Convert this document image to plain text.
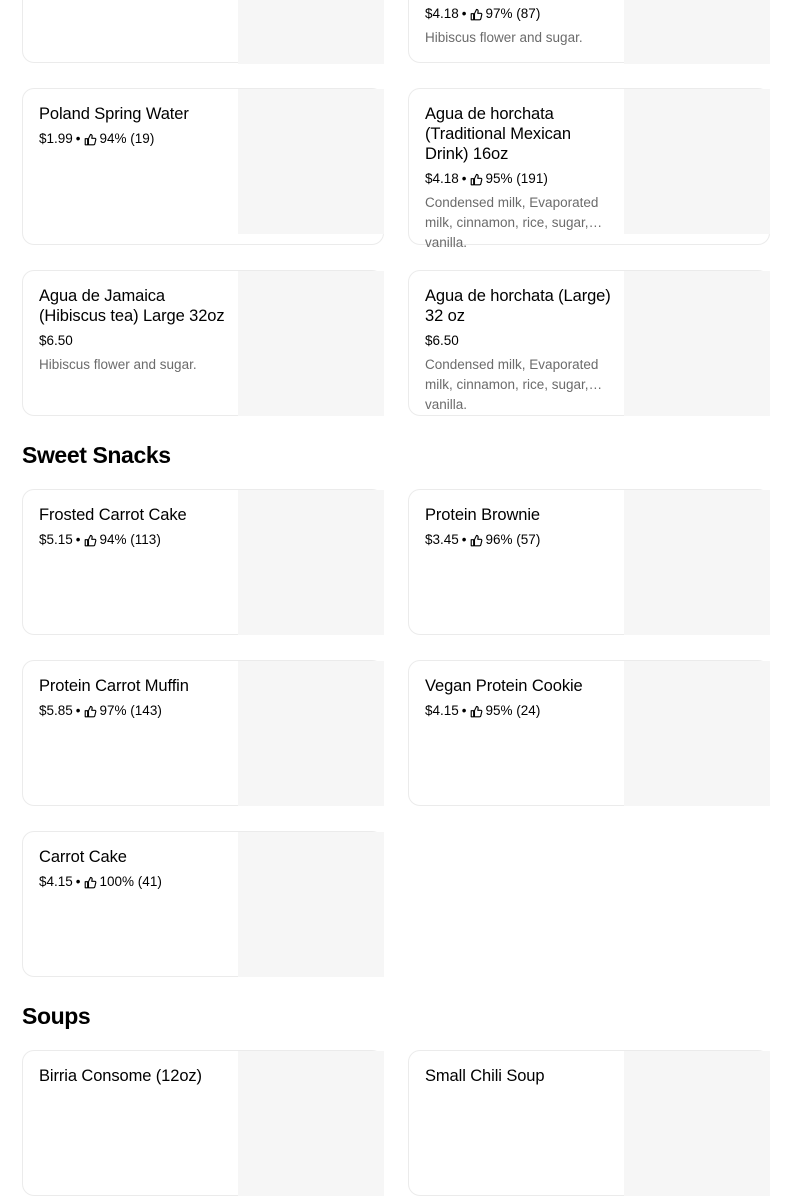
$4.18 • 97% (87)
Hibiscus flower and sugar.
Poland Spring Water
$1.99 • 94% (19)
Agua de horchata (Traditional Mexican Drink) 16oz
$4.18 • 95% (191)
Condensed milk, Evaporated milk, cinnamon, rice, sugar, vanilla.
Agua de Jamaica (Hibiscus tea) Large 32oz
$6.50
Hibiscus flower and sugar.
Agua de horchata (Large) 32 oz
$6.50
Condensed milk, Evaporated milk, cinnamon, rice, sugar, vanilla.
Sweet Snacks
Frosted Carrot Cake
$5.15 • 94% (113)
Protein Brownie
$3.45 • 96% (57)
Protein Carrot Muffin
$5.85 • 97% (143)
Vegan Protein Cookie
$4.15 • 95% (24)
Carrot Cake
$4.15 • 100% (41)
Soups
Birria Consome (12oz)	Small Chili Soup
